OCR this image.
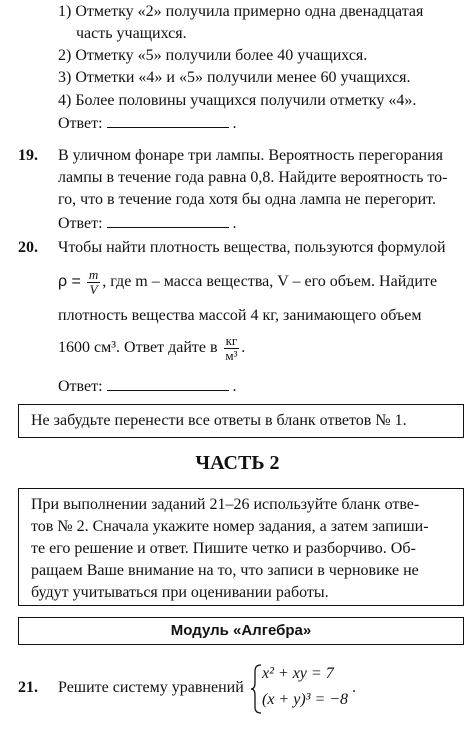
1) Отметку «2» получила примерно одна двенадцатая
часть учащихся.
2) Отметку «5» получили более 40 учащихся.
3) Отметки «4» и «5» получили менее 60 учащихся.
4) Более половины учащихся получили отметку «4».
Ответ:	.
19. В уличном фонаре три лампы. Вероятность перегорания
лампы в течение года равна 0,8. Найдите вероятность то-
го, что в течение года хотя бы одна лампа не перегорит.
Ответ:	.
20. Чтобы найти плотность вещества, пользуются формулой
$\rho = \frac{m}{V}$ , где m – масса вещества, V – его объем. Найдите
плотность вещества массой 4 кг, занимающего объем
1600 см³. Ответ дайте в $\frac{кг}{\text{м³}}$ .
Ответ:	.
Не забудьте перенести все ответы в бланк ответов № 1.
ЧАСТЬ 2
При выполнении заданий 21–26 используйте бланк отве-
тов № 2. Сначала укажите номер задания, а затем запиши-
те его решение и ответ. Пишите четко и разборчиво. Об-
ращаем Ваше внимание на то, что записи в черновике не
будут учитываться при оценивании работы.
Модуль «Алгебра»
21. Решите систему уравнений
x² + xy = 7
(x + y)³ = −8
.
